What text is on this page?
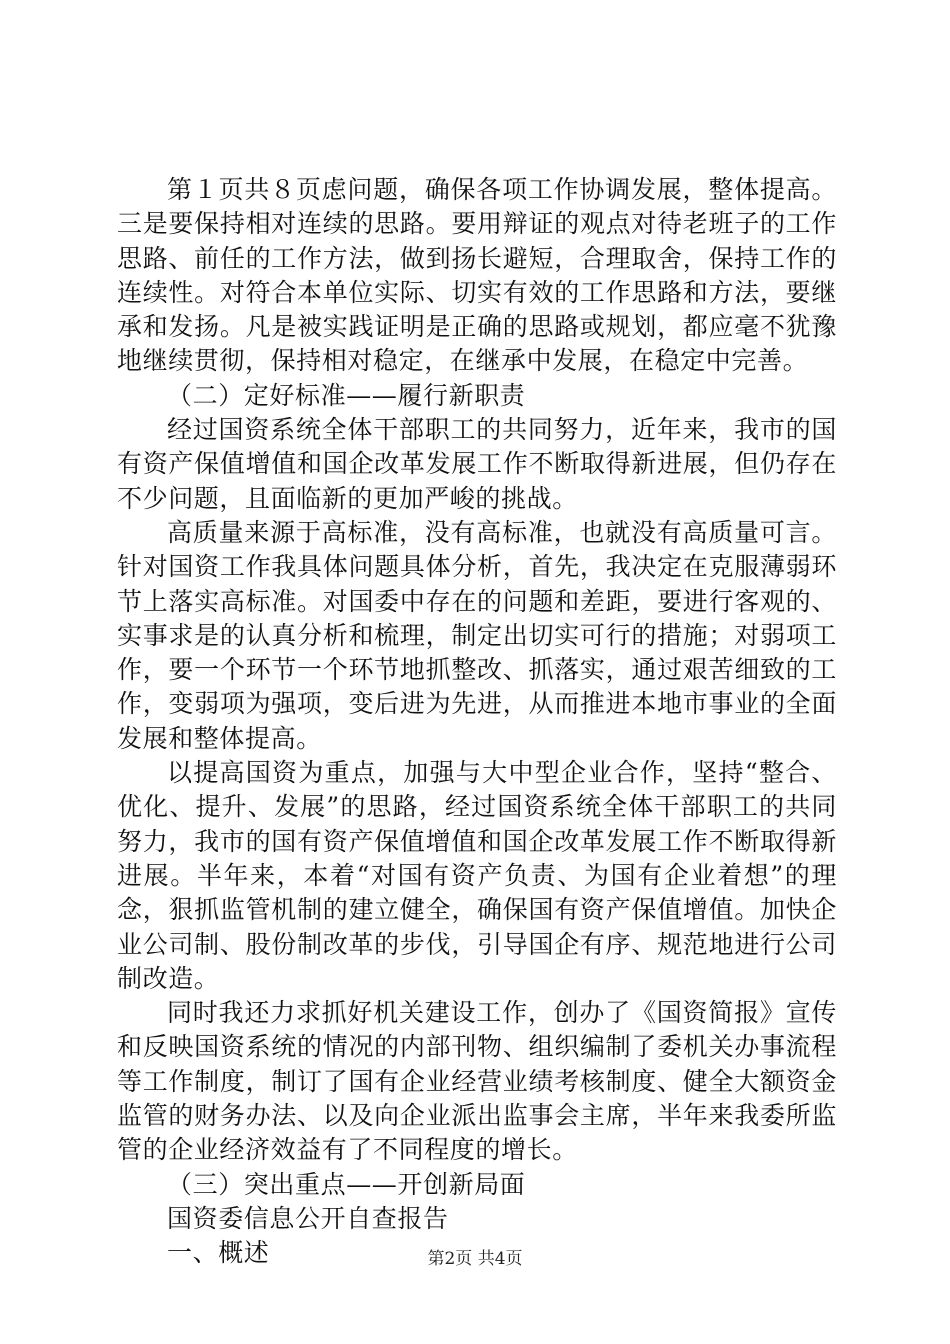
第１页共８页虑问题，确保各项工作协调发展，整体提高。三是要保持相对连续的思路。要用辩证的观点对待老班子的工作思路、前任的工作方法，做到扬长避短，合理取舍，保持工作的连续性。对符合本单位实际、切实有效的工作思路和方法，要继承和发扬。凡是被实践证明是正确的思路或规划，都应毫不犹豫地继续贯彻，保持相对稳定，在继承中发展，在稳定中完善。

（二）定好标准——履行新职责

经过国资系统全体干部职工的共同努力，近年来，我市的国有资产保值增值和国企改革发展工作不断取得新进展，但仍存在不少问题，且面临新的更加严峻的挑战。

高质量来源于高标准，没有高标准，也就没有高质量可言。针对国资工作我具体问题具体分析，首先，我决定在克服薄弱环节上落实高标准。对国委中存在的问题和差距，要进行客观的、实事求是的认真分析和梳理，制定出切实可行的措施；对弱项工作，要一个环节一个环节地抓整改、抓落实，通过艰苦细致的工作，变弱项为强项，变后进为先进，从而推进本地市事业的全面发展和整体提高。

以提高国资为重点，加强与大中型企业合作，坚持“整合、优化、提升、发展”的思路，经过国资系统全体干部职工的共同努力，我市的国有资产保值增值和国企改革发展工作不断取得新进展。半年来，本着“对国有资产负责、为国有企业着想”的理念，狠抓监管机制的建立健全，确保国有资产保值增值。加快企业公司制、股份制改革的步伐，引导国企有序、规范地进行公司制改造。

同时我还力求抓好机关建设工作，创办了《国资简报》宣传和反映国资系统的情况的内部刊物、组织编制了委机关办事流程等工作制度，制订了国有企业经营业绩考核制度、健全大额资金监管的财务办法、以及向企业派出监事会主席，半年来我委所监管的企业经济效益有了不同程度的增长。

（三）突出重点——开创新局面

国资委信息公开自查报告

一、概述	第2页 共4页
